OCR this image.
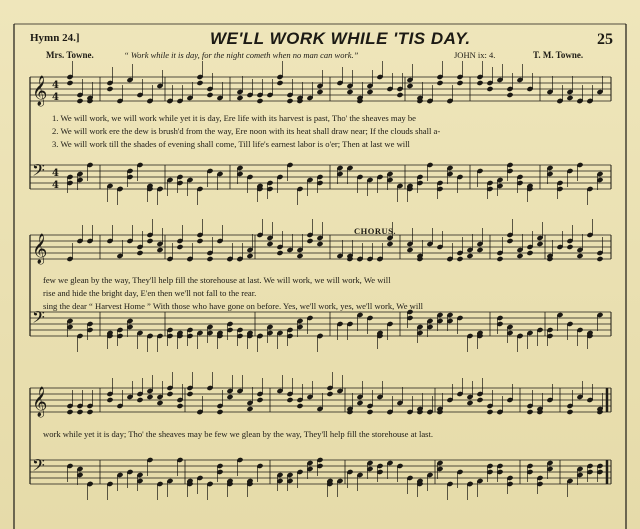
𝄞 4
4
𝄢 4
4
𝄞
𝄢
𝄞
𝄢
Hymn 24.]	WE'LL WORK WHILE 'TIS DAY.	25
Mrs. Towne.	“ Work while it is day, for the night cometh when no man can work.”	JOHN ix: 4.	T. M. Towne.
1. We will work, we will work while yet it is day, Ere life with its harvest is past, Tho' the sheaves may be
2. We will work ere the dew is brush'd from the way, Ere noon with its heat shall draw near; If the clouds shall a-
3. We will work till the shades of evening shall come, Till life's earnest labor is o'er; Then at last we will
CHORUS.
few we glean by the way, They'll help fill the storehouse at last. We will work, we will work, We will
rise and hide the bright day, E'en then we'll not fall to the rear.
sing the dear “ Harvest Home ” With those who have gone on before. Yes, we'll work, yes, we'll work, We will
work while yet it is day; Tho' the sheaves may be few we glean by the way, They'll help fill the storehouse at last.
